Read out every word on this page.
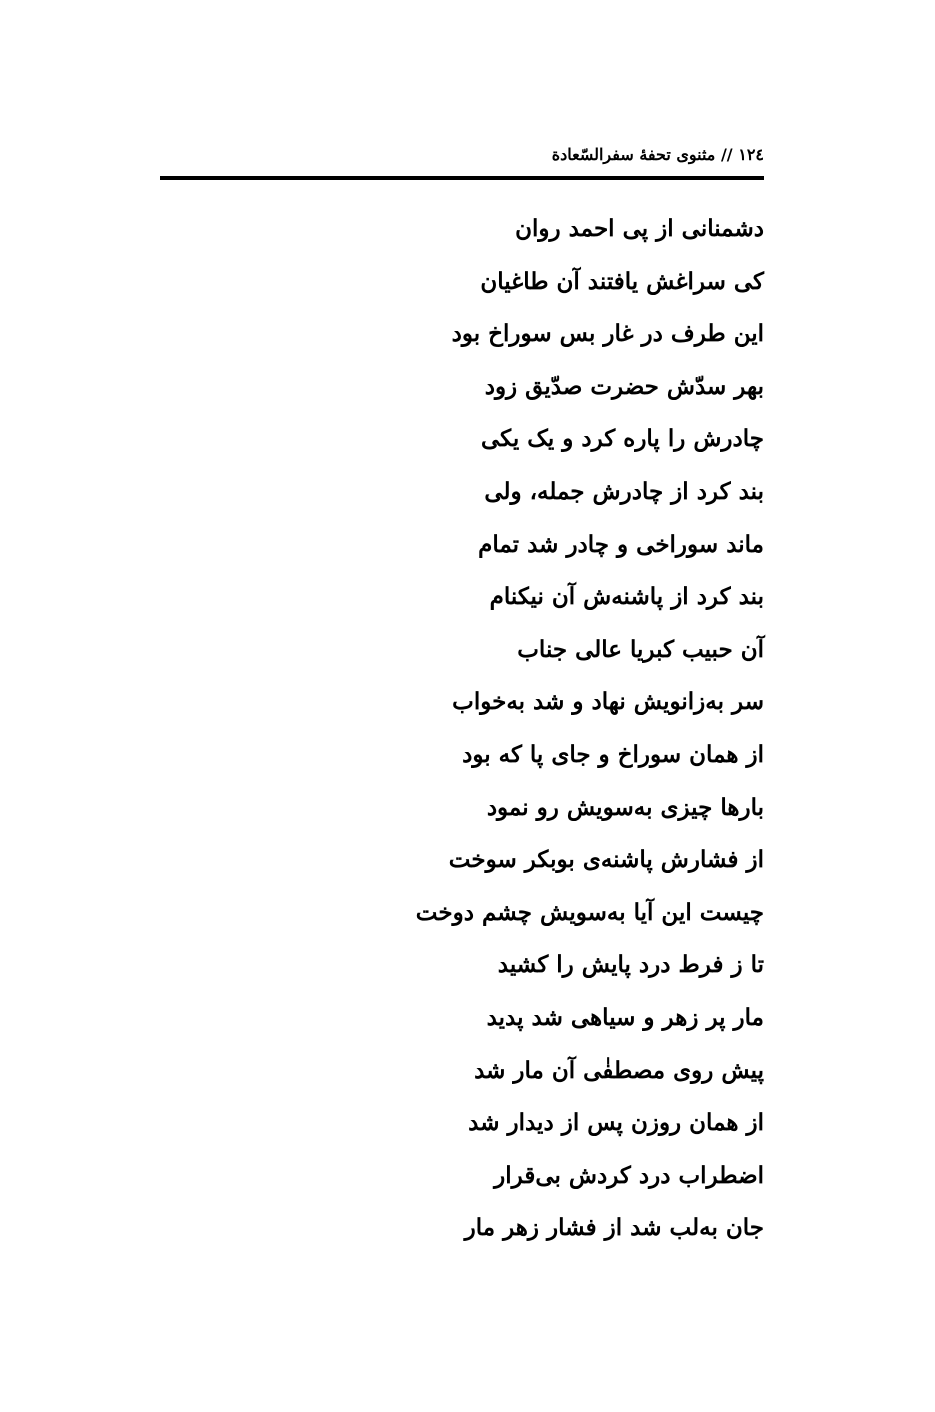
١٢٤ // مثنوی تحفهٔ سفرالسّعادة
دشمنانی از پی احمد روان
کی سراغش یافتند آن طاغیان
این طرف در غار بس سوراخ بود
بهر سدّش حضرت صدّیق زود
چادرش را پاره کرد و یک یکی
بند کرد از چادرش جمله، ولی
ماند سوراخی و چادر شد تمام
بند کرد از پاشنه‌ش آن نیکنام
آن حبیب کبریا عالی جناب
سر به‌زانویش نهاد و شد به‌خواب
از همان سوراخ و جای پا که بود
بارها چیزی به‌سویش رو نمود
از فشارش پاشنه‌ی بوبکر سوخت
چیست این آیا به‌سویش چشم دوخت
تا ز فرط درد پایش را کشید
مار پر زهر و سیاهی شد پدید
پیش روی مصطفٰی آن مار شد
از همان روزن پس از دیدار شد
اضطراب درد کردش بی‌قرار
جان به‌لب شد از فشار زهر مار
